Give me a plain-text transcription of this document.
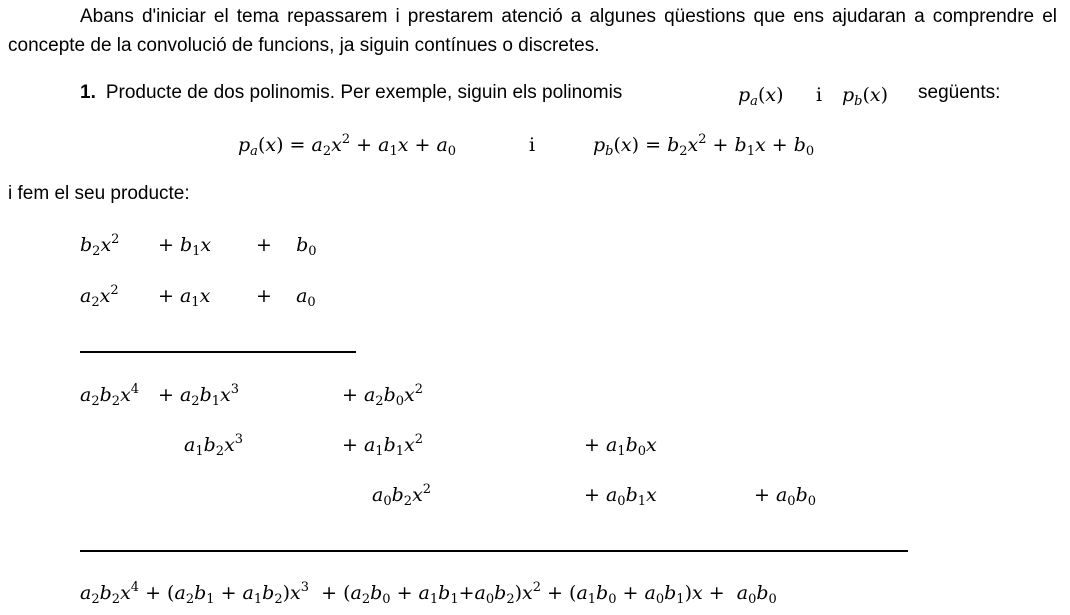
Abans d'iniciar el tema repassarem i prestarem atenció a algunes qüestions que ens ajudaran a comprendre el concepte de la convolució de funcions, ja siguin contínues o discretes.
1. Producte de dos polinomis. Per exemple, siguin els polinomis	$p_a(x)$ i $p_b(x)$ següents:
$p_a(x) = a_2x^2 + a_1x + a_0$	i	$p_b(x) = b_2x^2 + b_1x + b_0$
i fem el seu producte:
$b_2x^2 + b_1x$ +    $b_0$
$a_2x^2 + a_1x$ +    $a_0$
$a_2b_2x^4 + a_2b_1x^3$	+ $a_2b_0x^2$
$a_1b_2x^3$	+ $a_1b_1x^2$	+ $a_1b_0x$
$a_0b_2x^2$	+ $a_0b_1x$	+ $a_0b_0$
$a_2b_2x^4 + (a_2b_1 + a_1b_2)x^3 + (a_2b_0 + a_1b_1+a_0b_2)x^2 + (a_1b_0 + a_0b_1)x + a_0b_0$
